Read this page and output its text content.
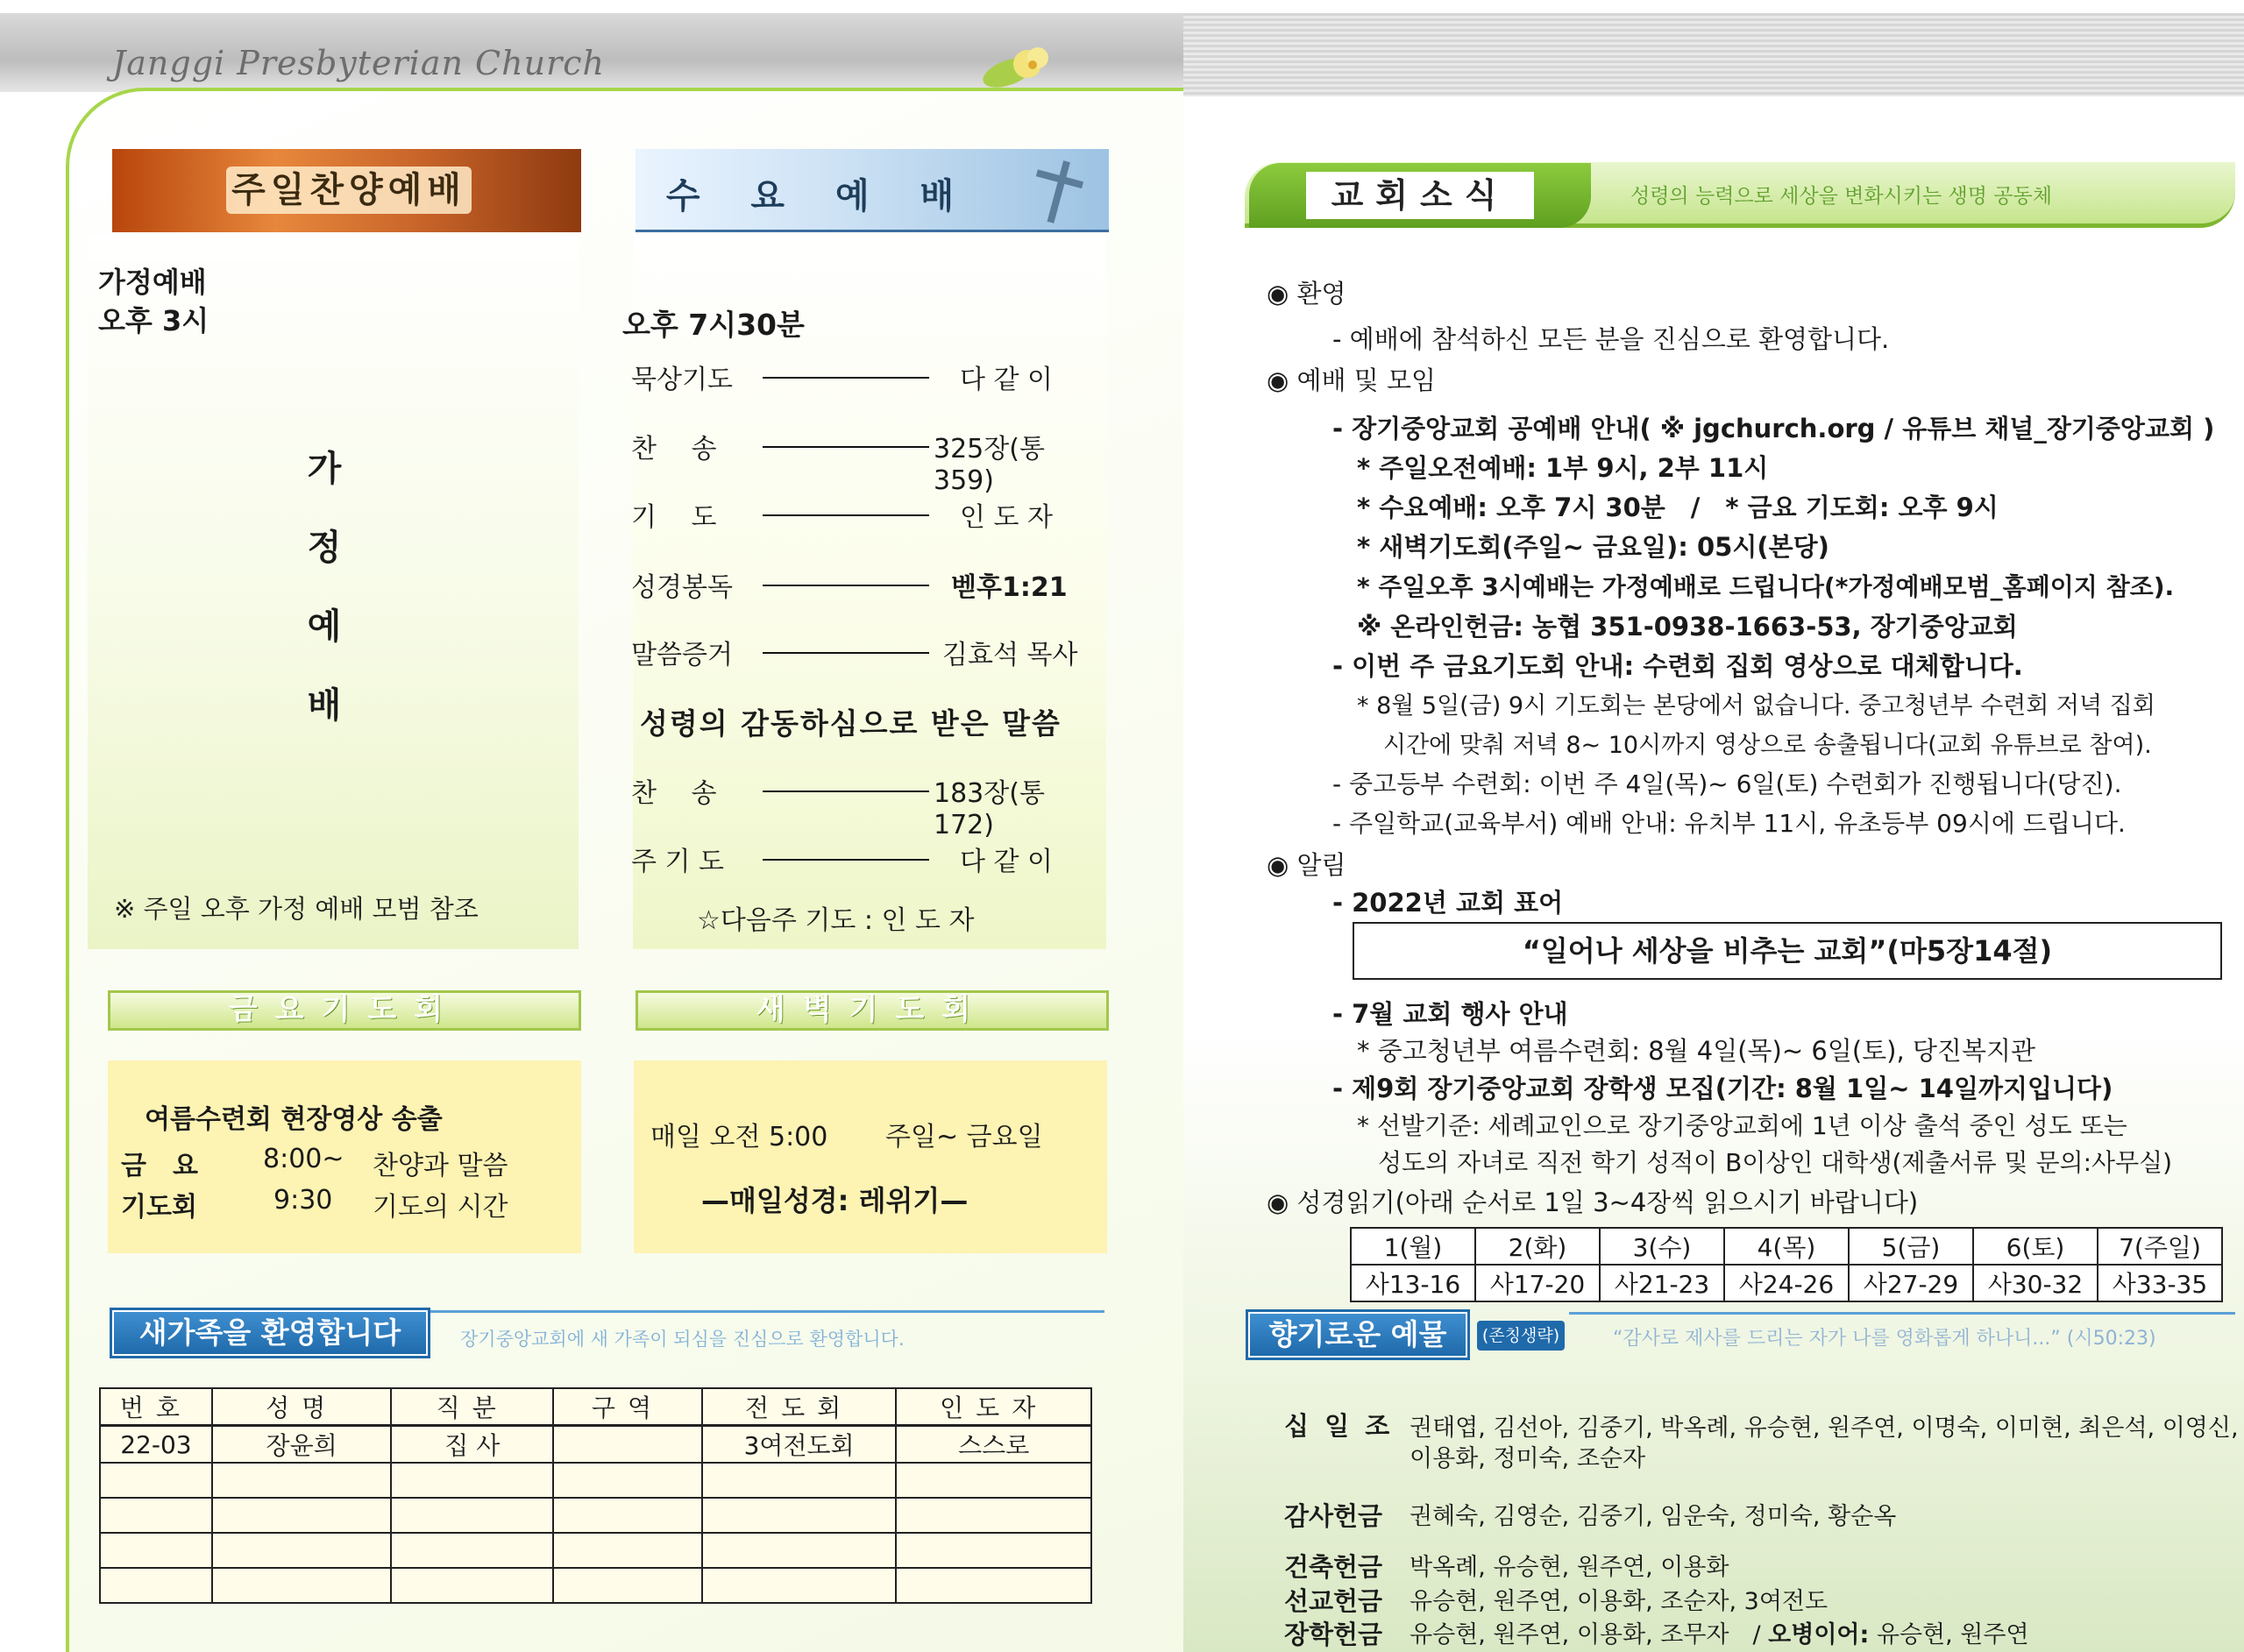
Janggi Presbyterian Church
주일찬양예배
가정예배
오후 3시
가
정
예
배
※ 주일 오후 가정 예배 모범 참조
수 요 예 배
오후 7시30분
묵상기도	다 같 이
찬　 송	325장(통359)
기　 도	인 도 자
성경봉독	벧후1:21
말씀증거	김효석 목사
성령의 감동하심으로 받은 말씀
찬　 송	183장(통172)
주 기 도	다 같 이
☆다음주 기도 : 인 도 자
금요기도회	새벽기도회
여름수련회 현장영상 송출
금　요 8:00~ 찬양과 말씀
기도회	9:30 기도의 시간
매일 오전 5:00 주일~ 금요일
—매일성경: 레위기—
새가족을 환영합니다	장기중앙교회에 새 가족이 되심을 진심으로 환영합니다.
번호	성명	직분	구역	전도회	인도자
22-03	장윤희	집 사		3여전도회	스스로

교회소식	성령의 능력으로 세상을 변화시키는 생명 공동체
◉ 환영
- 예배에 참석하신 모든 분을 진심으로 환영합니다.
◉ 예배 및 모임
- 장기중앙교회 공예배 안내( ※ jgchurch.org / 유튜브 채널_장기중앙교회 )
* 주일오전예배: 1부 9시, 2부 11시
* 수요예배: 오후 7시 30분　/　* 금요 기도회: 오후 9시
* 새벽기도회(주일~ 금요일): 05시(본당)
* 주일오후 3시예배는 가정예배로 드립니다(*가정예배모범_홈페이지 참조).
※ 온라인헌금: 농협 351-0938-1663-53, 장기중앙교회
- 이번 주 금요기도회 안내: 수련회 집회 영상으로 대체합니다.
* 8월 5일(금) 9시 기도회는 본당에서 없습니다. 중고청년부 수련회 저녁 집회
시간에 맞춰 저녁 8~ 10시까지 영상으로 송출됩니다(교회 유튜브로 참여).
- 중고등부 수련회: 이번 주 4일(목)~ 6일(토) 수련회가 진행됩니다(당진).
- 주일학교(교육부서) 예배 안내: 유치부 11시, 유초등부 09시에 드립니다.
◉ 알림
- 2022년 교회 표어
“일어나 세상을 비추는 교회”(마5장14절)
- 7월 교회 행사 안내
* 중고청년부 여름수련회: 8월 4일(목)~ 6일(토), 당진복지관
- 제9회 장기중앙교회 장학생 모집(기간: 8월 1일~ 14일까지입니다)
* 선발기준: 세례교인으로 장기중앙교회에 1년 이상 출석 중인 성도 또는
성도의 자녀로 직전 학기 성적이 B이상인 대학생(제출서류 및 문의:사무실)
◉ 성경읽기(아래 순서로 1일 3~4장씩 읽으시기 바랍니다)
1(월)	2(화)	3(수)	4(목)	5(금)	6(토)	7(주일)
사13-16	사17-20	사21-23	사24-26	사27-29	사30-32	사33-35
향기로운 예물	(존칭생략)	“감사로 제사를 드리는 자가 나를 영화롭게 하나니...” (시50:23)
십 일 조 권태엽, 김선아, 김중기, 박옥례, 유승현, 원주연, 이명숙, 이미현, 최은석, 이영신,
이용화, 정미숙, 조순자
감사헌금 권혜숙, 김영순, 김중기, 임운숙, 정미숙, 황순옥
건축헌금 박옥례, 유승현, 원주연, 이용화
선교헌금 유승현, 원주연, 이용화, 조순자, 3여전도
장학헌금 유승현, 원주연, 이용화, 조무자　/ 오병이어: 유승현, 원주연
